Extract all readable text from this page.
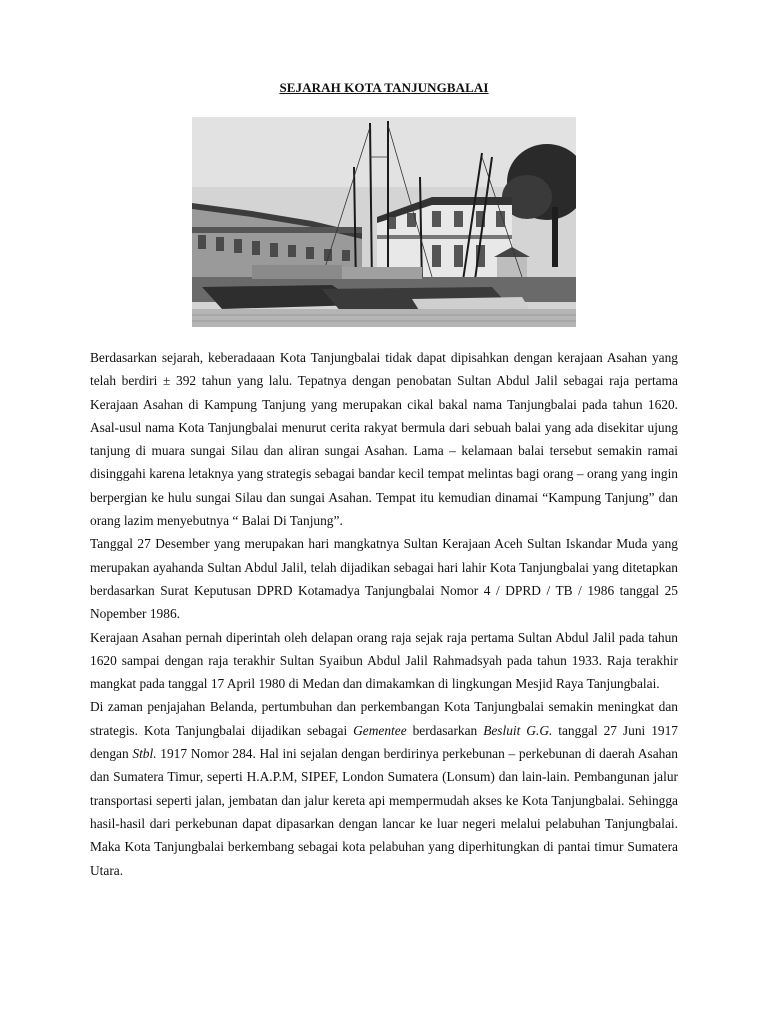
SEJARAH KOTA TANJUNGBALAI

Berdasarkan sejarah, keberadaaan Kota Tanjungbalai tidak dapat dipisahkan dengan kerajaan Asahan yang telah berdiri ± 392 tahun yang lalu. Tepatnya dengan penobatan Sultan Abdul Jalil sebagai raja pertama Kerajaan Asahan di Kampung Tanjung yang merupakan cikal bakal nama Tanjungbalai pada tahun 1620. Asal-usul nama Kota Tanjungbalai menurut cerita rakyat bermula dari sebuah balai yang ada disekitar ujung tanjung di muara sungai Silau dan aliran sungai Asahan. Lama – kelamaan balai tersebut semakin ramai disinggahi karena letaknya yang strategis sebagai bandar kecil tempat melintas bagi orang – orang yang ingin berpergian ke hulu sungai Silau dan sungai Asahan. Tempat itu kemudian dinamai “Kampung Tanjung” dan orang lazim menyebutnya “ Balai Di Tanjung”.

Tanggal 27 Desember yang merupakan hari mangkatnya Sultan Kerajaan Aceh Sultan Iskandar Muda yang merupakan ayahanda Sultan Abdul Jalil, telah dijadikan sebagai hari lahir Kota Tanjungbalai yang ditetapkan berdasarkan Surat Keputusan DPRD Kotamadya Tanjungbalai Nomor 4 / DPRD / TB / 1986 tanggal 25 Nopember 1986.

Kerajaan Asahan pernah diperintah oleh delapan orang raja sejak raja pertama Sultan Abdul Jalil pada tahun 1620 sampai dengan raja terakhir Sultan Syaibun Abdul Jalil Rahmadsyah pada tahun 1933. Raja terakhir mangkat pada tanggal 17 April 1980 di Medan dan dimakamkan di lingkungan Mesjid Raya Tanjungbalai.

Di zaman penjajahan Belanda, pertumbuhan dan perkembangan Kota Tanjungbalai semakin meningkat dan strategis. Kota Tanjungbalai dijadikan sebagai Gementee berdasarkan Besluit G.G. tanggal 27 Juni 1917 dengan Stbl. 1917 Nomor 284. Hal ini sejalan dengan berdirinya perkebunan – perkebunan di daerah Asahan dan Sumatera Timur, seperti H.A.P.M, SIPEF, London Sumatera (Lonsum) dan lain-lain. Pembangunan jalur transportasi seperti jalan, jembatan dan jalur kereta api mempermudah akses ke Kota Tanjungbalai. Sehingga hasil-hasil dari perkebunan dapat dipasarkan dengan lancar ke luar negeri melalui pelabuhan Tanjungbalai. Maka Kota Tanjungbalai berkembang sebagai kota pelabuhan yang diperhitungkan di pantai timur Sumatera Utara.
